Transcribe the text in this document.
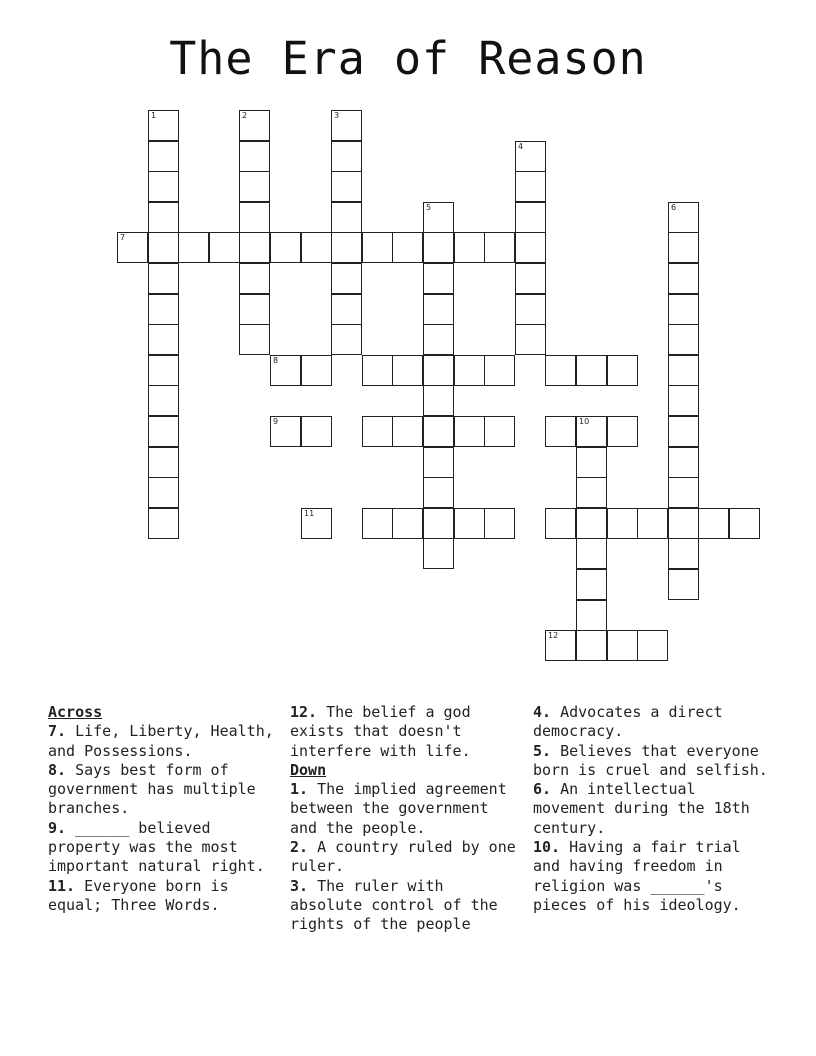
The Era of Reason
1	2	3
4
5	6
7
8
9	10
11
12
Across
7. Life, Liberty, Health, and Possessions.
8. Says best form of government has multiple branches.
9. ______ believed property was the most important natural right.
11. Everyone born is equal; Three Words.
12. The belief a god exists that doesn't interfere with life.
Down
1. The implied agreement between the government and the people.
2. A country ruled by one ruler.
3. The ruler with absolute control of the rights of the people
4. Advocates a direct democracy.
5. Believes that everyone born is cruel and selfish.
6. An intellectual movement during the 18th century.
10. Having a fair trial and having freedom in religion was ______'s pieces of his ideology.
